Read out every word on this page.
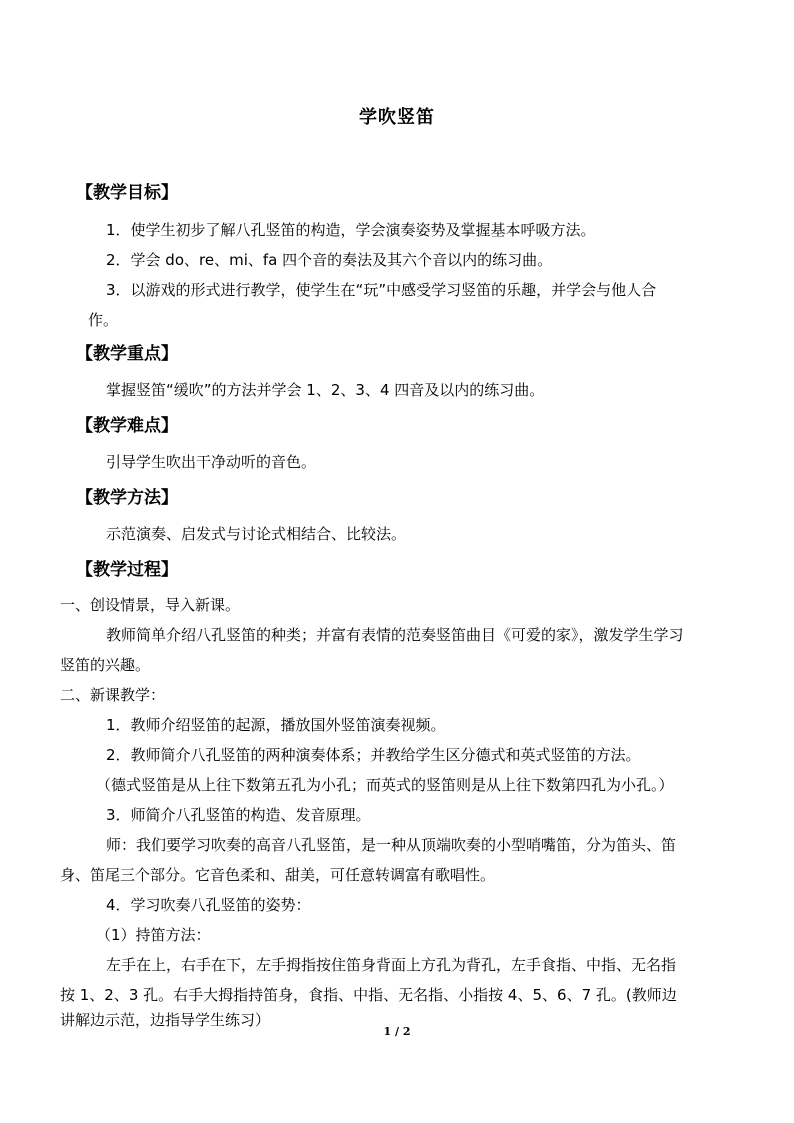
学吹竖笛
【教学目标】
1．使学生初步了解八孔竖笛的构造，学会演奏姿势及掌握基本呼吸方法。
2．学会 do、re、mi、fa 四个音的奏法及其六个音以内的练习曲。
3．以游戏的形式进行教学，使学生在“玩”中感受学习竖笛的乐趣，并学会与他人合
作。
【教学重点】
掌握竖笛“缓吹”的方法并学会 1、2、3、4 四音及以内的练习曲。
【教学难点】
引导学生吹出干净动听的音色。
【教学方法】
示范演奏、启发式与讨论式相结合、比较法。
【教学过程】
一、创设情景，导入新课。
教师简单介绍八孔竖笛的种类；并富有表情的范奏竖笛曲目《可爱的家》，激发学生学习
竖笛的兴趣。
二、新课教学：
1．教师介绍竖笛的起源，播放国外竖笛演奏视频。
2．教师简介八孔竖笛的两种演奏体系；并教给学生区分德式和英式竖笛的方法。
（德式竖笛是从上往下数第五孔为小孔；而英式的竖笛则是从上往下数第四孔为小孔。）
3．师简介八孔竖笛的构造、发音原理。
师：我们要学习吹奏的高音八孔竖笛，是一种从顶端吹奏的小型哨嘴笛，分为笛头、笛
身、笛尾三个部分。它音色柔和、甜美，可任意转调富有歌唱性。
4．学习吹奏八孔竖笛的姿势：
（1）持笛方法：
左手在上，右手在下，左手拇指按住笛身背面上方孔为背孔，左手食指、中指、无名指
按 1、2、3 孔。右手大拇指持笛身，食指、中指、无名指、小指按 4、5、6、7 孔。(教师边
讲解边示范，边指导学生练习）
1 / 2
